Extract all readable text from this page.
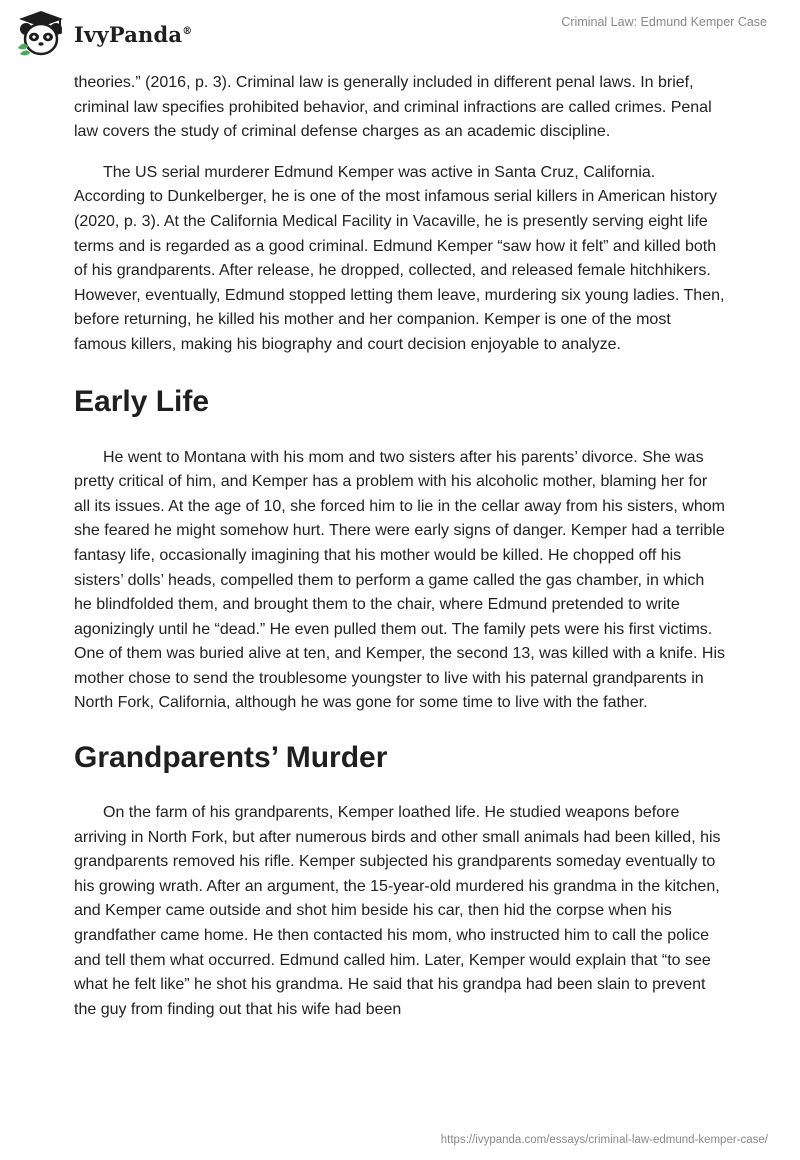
IvyPanda®
Criminal Law: Edmund Kemper Case

theories.” (2016, p. 3). Criminal law is generally included in different penal laws. In brief, criminal law specifies prohibited behavior, and criminal infractions are called crimes. Penal law covers the study of criminal defense charges as an academic discipline.

The US serial murderer Edmund Kemper was active in Santa Cruz, California. According to Dunkelberger, he is one of the most infamous serial killers in American history (2020, p. 3). At the California Medical Facility in Vacaville, he is presently serving eight life terms and is regarded as a good criminal. Edmund Kemper “saw how it felt” and killed both of his grandparents. After release, he dropped, collected, and released female hitchhikers. However, eventually, Edmund stopped letting them leave, murdering six young ladies. Then, before returning, he killed his mother and her companion. Kemper is one of the most famous killers, making his biography and court decision enjoyable to analyze.

Early Life

He went to Montana with his mom and two sisters after his parents’ divorce. She was pretty critical of him, and Kemper has a problem with his alcoholic mother, blaming her for all its issues. At the age of 10, she forced him to lie in the cellar away from his sisters, whom she feared he might somehow hurt. There were early signs of danger. Kemper had a terrible fantasy life, occasionally imagining that his mother would be killed. He chopped off his sisters’ dolls’ heads, compelled them to perform a game called the gas chamber, in which he blindfolded them, and brought them to the chair, where Edmund pretended to write agonizingly until he “dead.” He even pulled them out. The family pets were his first victims. One of them was buried alive at ten, and Kemper, the second 13, was killed with a knife. His mother chose to send the troublesome youngster to live with his paternal grandparents in North Fork, California, although he was gone for some time to live with the father.

Grandparents’ Murder

On the farm of his grandparents, Kemper loathed life. He studied weapons before arriving in North Fork, but after numerous birds and other small animals had been killed, his grandparents removed his rifle. Kemper subjected his grandparents someday eventually to his growing wrath. After an argument, the 15-year-old murdered his grandma in the kitchen, and Kemper came outside and shot him beside his car, then hid the corpse when his grandfather came home. He then contacted his mom, who instructed him to call the police and tell them what occurred. Edmund called him. Later, Kemper would explain that “to see what he felt like” he shot his grandma. He said that his grandpa had been slain to prevent the guy from finding out that his wife had been

https://ivypanda.com/essays/criminal-law-edmund-kemper-case/
